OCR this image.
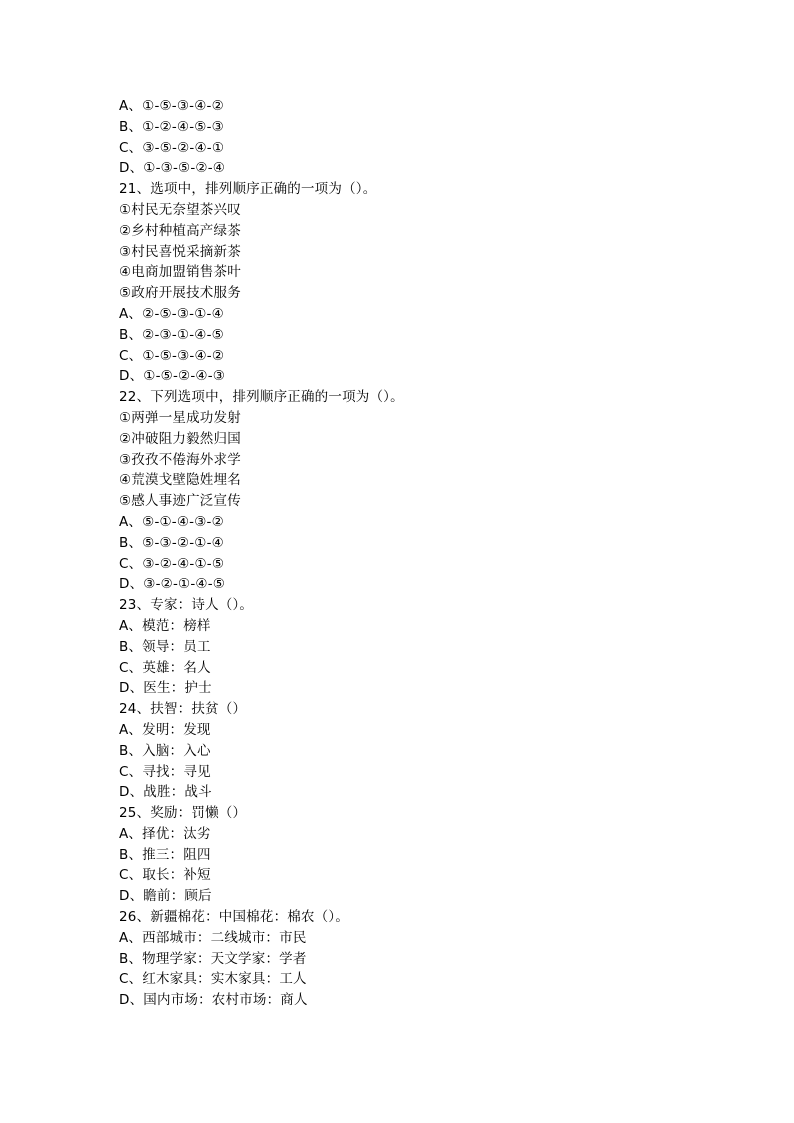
A、①-⑤-③-④-②
B、①-②-④-⑤-③
C、③-⑤-②-④-①
D、①-③-⑤-②-④
21、选项中，排列顺序正确的一项为（）。
①村民无奈望茶兴叹
②乡村种植高产绿茶
③村民喜悦采摘新茶
④电商加盟销售茶叶
⑤政府开展技术服务
A、②-⑤-③-①-④
B、②-③-①-④-⑤
C、①-⑤-③-④-②
D、①-⑤-②-④-③
22、下列选项中，排列顺序正确的一项为（）。
①两弹一星成功发射
②冲破阻力毅然归国
③孜孜不倦海外求学
④荒漠戈壁隐姓埋名
⑤感人事迹广泛宣传
A、⑤-①-④-③-②
B、⑤-③-②-①-④
C、③-②-④-①-⑤
D、③-②-①-④-⑤
23、专家：诗人（）。
A、模范：榜样
B、领导：员工
C、英雄：名人
D、医生：护士
24、扶智：扶贫（）
A、发明：发现
B、入脑：入心
C、寻找：寻见
D、战胜：战斗
25、奖励：罚懒（）
A、择优：汰劣
B、推三：阻四
C、取长：补短
D、瞻前：顾后
26、新疆棉花：中国棉花：棉农（）。
A、西部城市：二线城市：市民
B、物理学家：天文学家：学者
C、红木家具：实木家具：工人
D、国内市场：农村市场：商人
